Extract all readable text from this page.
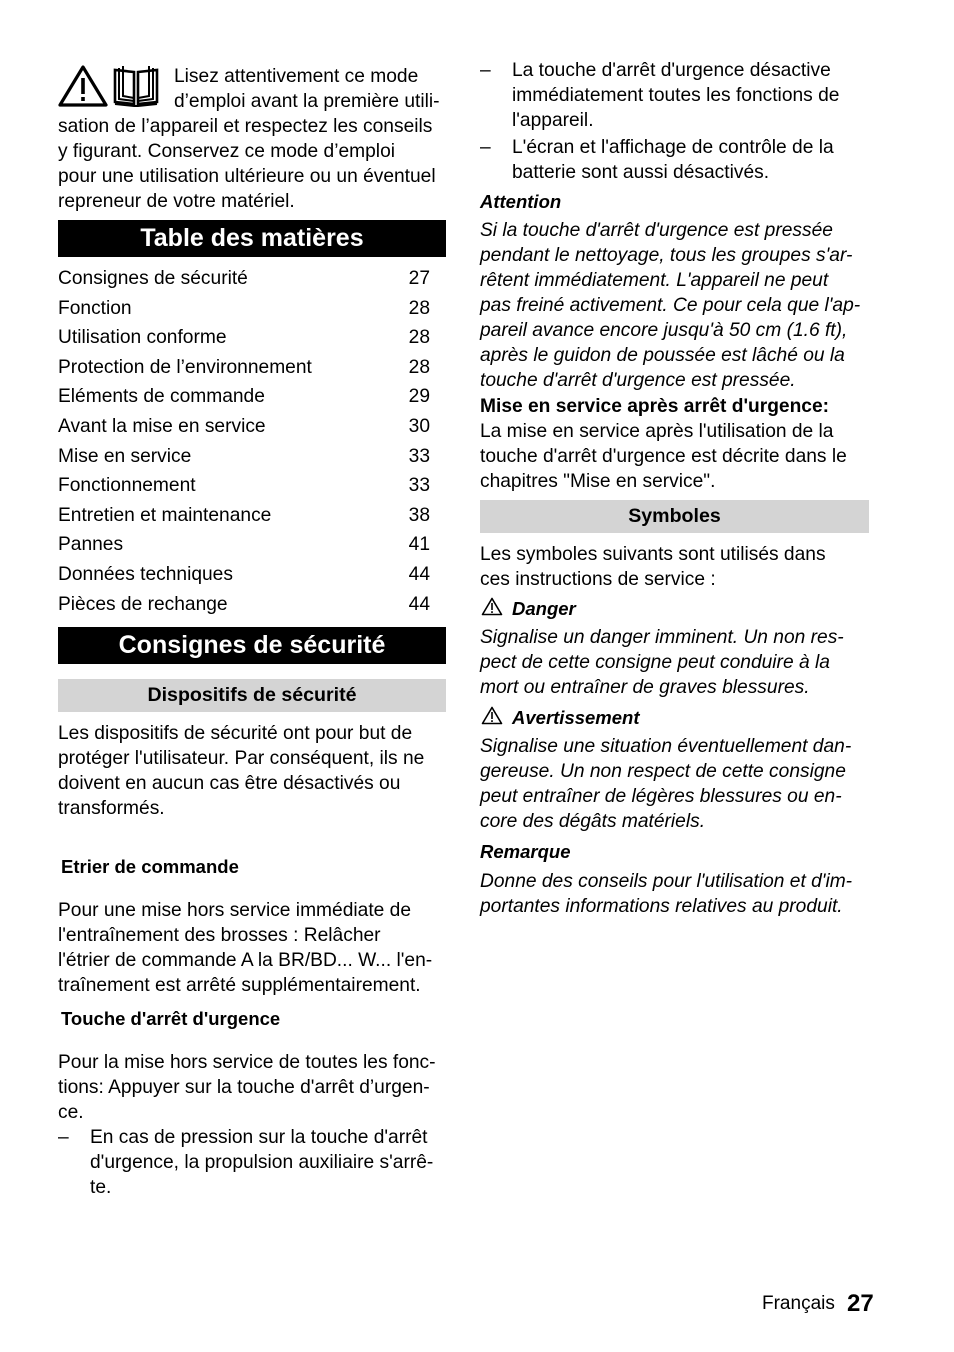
Lisez attentivement ce mode
d’emploi avant la première utili-
sation de l’appareil et respectez les conseils
y figurant. Conservez ce mode d’emploi
pour une utilisation ultérieure ou un éventuel
repreneur de votre matériel.
Table des matières
Consignes de sécurité	27
Fonction	28
Utilisation conforme	28
Protection de l’environnement	28
Eléments de commande	29
Avant la mise en service	30
Mise en service	33
Fonctionnement	33
Entretien et maintenance	38
Pannes	41
Données techniques	44
Pièces de rechange	44
Consignes de sécurité
Dispositifs de sécurité
Les dispositifs de sécurité ont pour but de
protéger l'utilisateur. Par conséquent, ils ne
doivent en aucun cas être désactivés ou
transformés.
Etrier de commande
Pour une mise hors service immédiate de
l'entraînement des brosses : Relâcher
l'étrier de commande A la BR/BD... W... l'en-
traînement est arrêté supplémentairement.
Touche d'arrêt d'urgence
Pour la mise hors service de toutes les fonc-
tions: Appuyer sur la touche d'arrêt d’urgen-
ce.
– En cas de pression sur la touche d'arrêt
d'urgence, la propulsion auxiliaire s'arrê-
te.
– La touche d'arrêt d'urgence désactive
immédiatement toutes les fonctions de
l'appareil.
– L'écran et l'affichage de contrôle de la
batterie sont aussi désactivés.
Attention
Si la touche d'arrêt d'urgence est pressée
pendant le nettoyage, tous les groupes s'ar-
rêtent immédiatement. L'appareil ne peut
pas freiné activement. Ce pour cela que l'ap-
pareil avance encore jusqu'à 50 cm (1.6 ft),
après le guidon de poussée est lâché ou la
touche d'arrêt d'urgence est pressée.
Mise en service après arrêt d'urgence:
La mise en service après l'utilisation de la
touche d'arrêt d'urgence est décrite dans le
chapitres "Mise en service".
Symboles
Les symboles suivants sont utilisés dans
ces instructions de service :
Danger
Signalise un danger imminent. Un non res-
pect de cette consigne peut conduire à la
mort ou entraîner de graves blessures.
Avertissement
Signalise une situation éventuellement dan-
gereuse. Un non respect de cette consigne
peut entraîner de légères blessures ou en-
core des dégâts matériels.
Remarque
Donne des conseils pour l'utilisation et d'im-
portantes informations relatives au produit.
Français 27
